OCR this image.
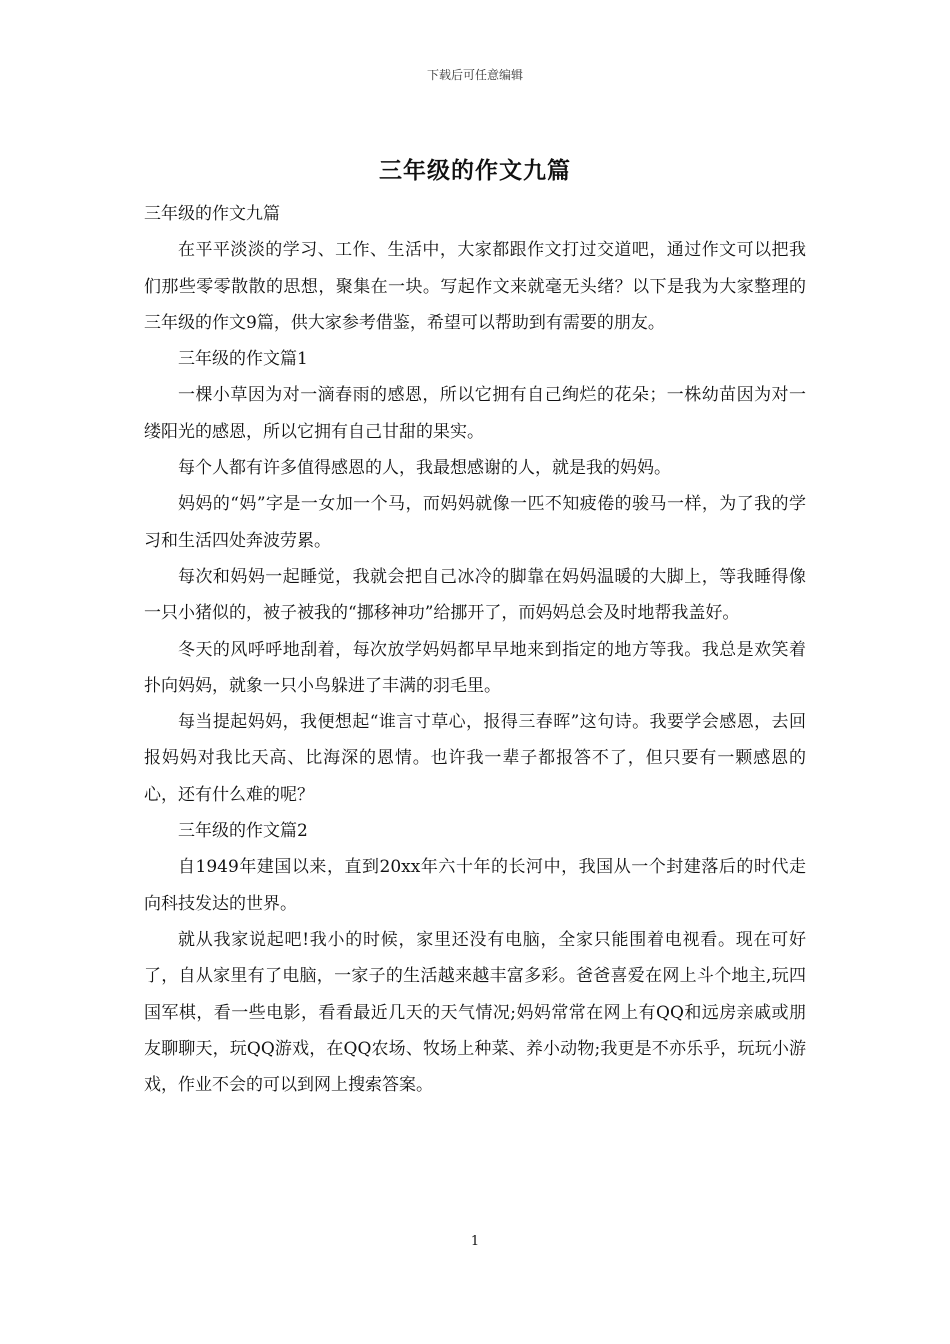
下载后可任意编辑
三年级的作文九篇

三年级的作文九篇

在平平淡淡的学习、工作、生活中，大家都跟作文打过交道吧，通过作文可以把我们那些零零散散的思想，聚集在一块。写起作文来就毫无头绪？以下是我为大家整理的三年级的作文9篇，供大家参考借鉴，希望可以帮助到有需要的朋友。

三年级的作文篇1

一棵小草因为对一滴春雨的感恩，所以它拥有自己绚烂的花朵；一株幼苗因为对一缕阳光的感恩，所以它拥有自己甘甜的果实。

每个人都有许多值得感恩的人，我最想感谢的人，就是我的妈妈。

妈妈的“妈”字是一女加一个马，而妈妈就像一匹不知疲倦的骏马一样，为了我的学习和生活四处奔波劳累。

每次和妈妈一起睡觉，我就会把自己冰冷的脚靠在妈妈温暖的大脚上，等我睡得像一只小猪似的，被子被我的“挪移神功”给挪开了，而妈妈总会及时地帮我盖好。

冬天的风呼呼地刮着，每次放学妈妈都早早地来到指定的地方等我。我总是欢笑着扑向妈妈，就象一只小鸟躲进了丰满的羽毛里。

每当提起妈妈，我便想起“谁言寸草心，报得三春晖”这句诗。我要学会感恩，去回报妈妈对我比天高、比海深的恩情。也许我一辈子都报答不了，但只要有一颗感恩的心，还有什么难的呢？

三年级的作文篇2

自1949年建国以来，直到20xx年六十年的长河中，我国从一个封建落后的时代走向科技发达的世界。

就从我家说起吧!我小的时候，家里还没有电脑，全家只能围着电视看。现在可好了，自从家里有了电脑，一家子的生活越来越丰富多彩。爸爸喜爱在网上斗个地主,玩四国军棋，看一些电影，看看最近几天的天气情况;妈妈常常在网上有QQ和远房亲戚或朋友聊聊天，玩QQ游戏，在QQ农场、牧场上种菜、养小动物;我更是不亦乐乎，玩玩小游戏，作业不会的可以到网上搜索答案。

1
